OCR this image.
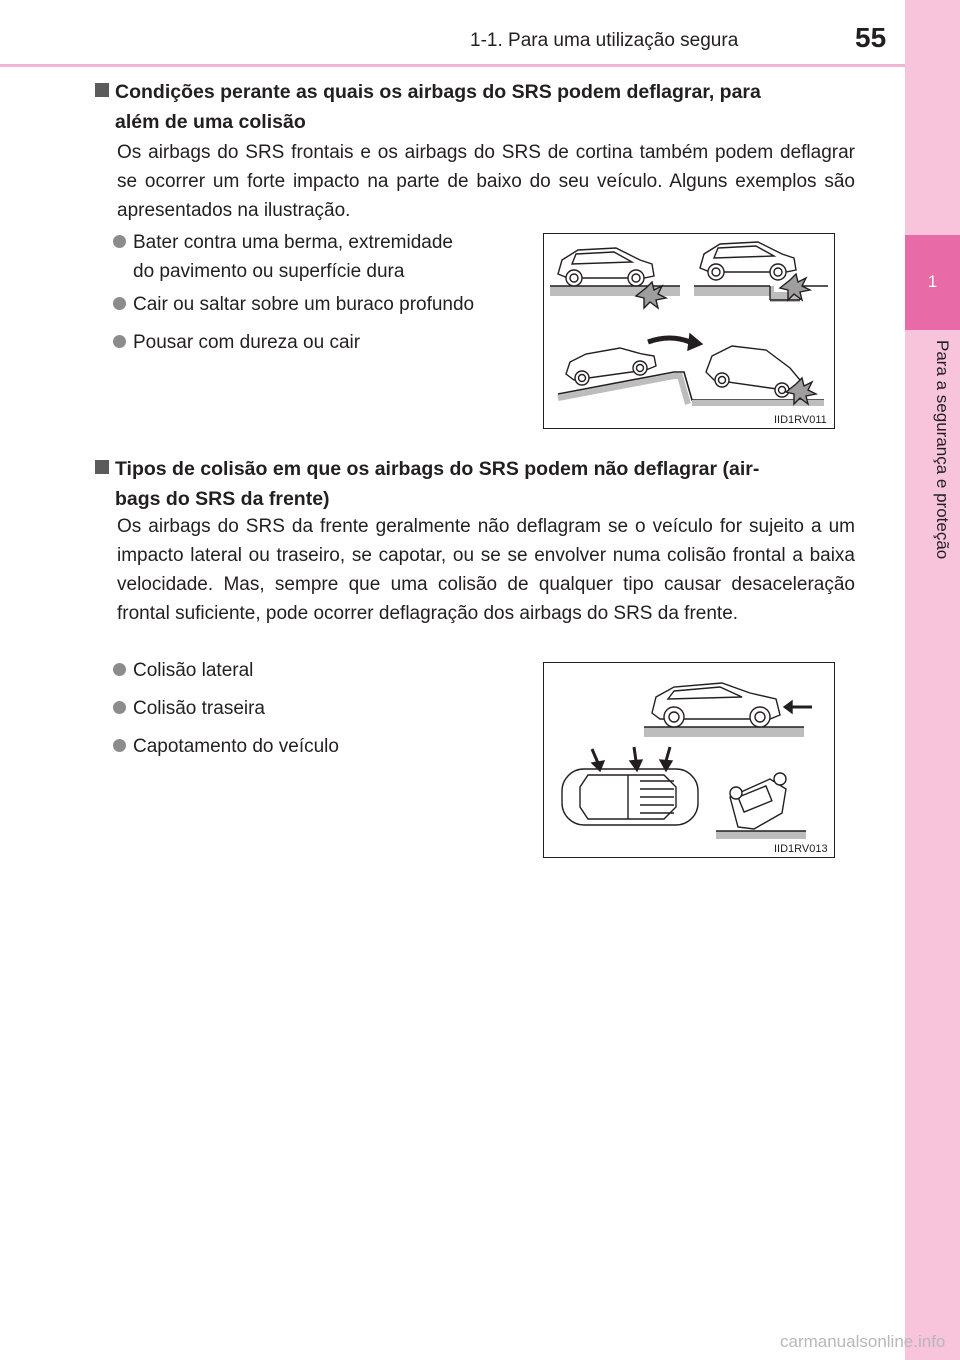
1-1. Para uma utilização segura	55
1
Para a segurança e proteção
Condições perante as quais os airbags do SRS podem deflagrar, para
além de uma colisão
Os airbags do SRS frontais e os airbags do SRS de cortina também podem deflagrar se ocorrer um forte impacto na parte de baixo do seu veículo. Alguns exemplos são apresentados na ilustração.
Bater contra uma berma, extremidade
do pavimento ou superfície dura
Cair ou saltar sobre um buraco profundo
Pousar com dureza ou cair
IID1RV011
Tipos de colisão em que os airbags do SRS podem não deflagrar (air-
bags do SRS da frente)
Os airbags do SRS da frente geralmente não deflagram se o veículo for sujeito a um impacto lateral ou traseiro, se capotar, ou se se envolver numa colisão frontal a baixa velocidade. Mas, sempre que uma colisão de qualquer tipo causar desaceleração frontal suficiente, pode ocorrer deflagração dos airbags do SRS da frente.
Colisão lateral
Colisão traseira
Capotamento do veículo
IID1RV013
carmanualsonline.info
